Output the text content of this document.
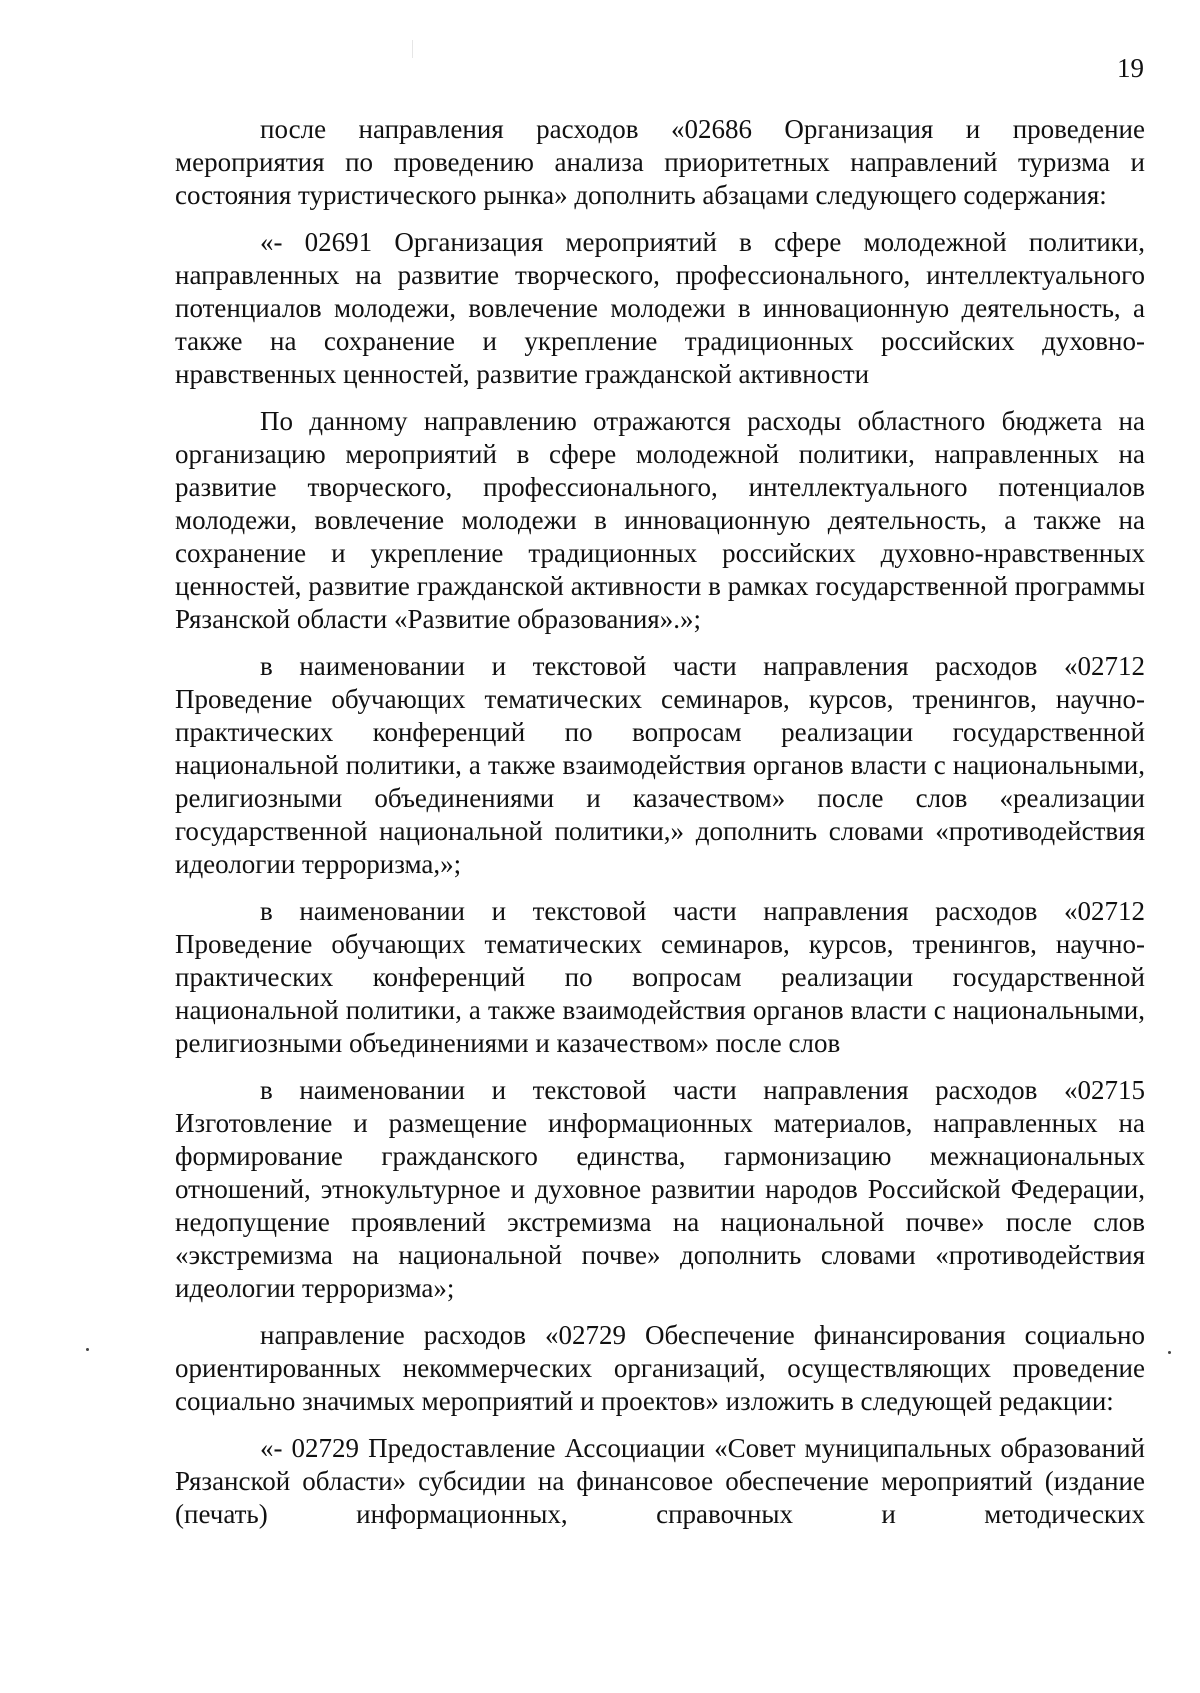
19

после направления расходов «02686 Организация и проведение мероприятия по проведению анализа приоритетных направлений туризма и состояния туристического рынка» дополнить абзацами следующего содержания:

«- 02691 Организация мероприятий в сфере молодежной политики, направленных на развитие творческого, профессионального, интеллектуального потенциалов молодежи, вовлечение молодежи в инновационную деятельность, а также на сохранение и укрепление традиционных российских духовно-нравственных ценностей, развитие гражданской активности

По данному направлению отражаются расходы областного бюджета на организацию мероприятий в сфере молодежной политики, направленных на развитие творческого, профессионального, интеллектуального потенциалов молодежи, вовлечение молодежи в инновационную деятельность, а также на сохранение и укрепление традиционных российских духовно-нравственных ценностей, развитие гражданской активности в рамках государственной программы Рязанской области «Развитие образования».»;

в наименовании и текстовой части направления расходов «02712 Проведение обучающих тематических семинаров, курсов, тренингов, научно-практических конференций по вопросам реализации государственной национальной политики, а также взаимодействия органов власти с национальными, религиозными объединениями и казачеством» после слов «реализации государственной национальной политики,» дополнить словами «противодействия идеологии терроризма,»;

в наименовании и текстовой части направления расходов «02712 Проведение обучающих тематических семинаров, курсов, тренингов, научно-практических конференций по вопросам реализации государственной национальной политики, а также взаимодействия органов власти с национальными, религиозными объединениями и казачеством» после слов

в наименовании и текстовой части направления расходов «02715 Изготовление и размещение информационных материалов, направленных на формирование гражданского единства, гармонизацию межнациональных отношений, этнокультурное и духовное развитии народов Российской Федерации, недопущение проявлений экстремизма на национальной почве» после слов «экстремизма на национальной почве» дополнить словами «противодействия идеологии терроризма»;

направление расходов «02729 Обеспечение финансирования социально ориентированных некоммерческих организаций, осуществляющих проведение социально значимых мероприятий и проектов» изложить в следующей редакции:

«- 02729 Предоставление Ассоциации «Совет муниципальных образований Рязанской области» субсидии на финансовое обеспечение мероприятий (издание (печать) информационных, справочных и методических
